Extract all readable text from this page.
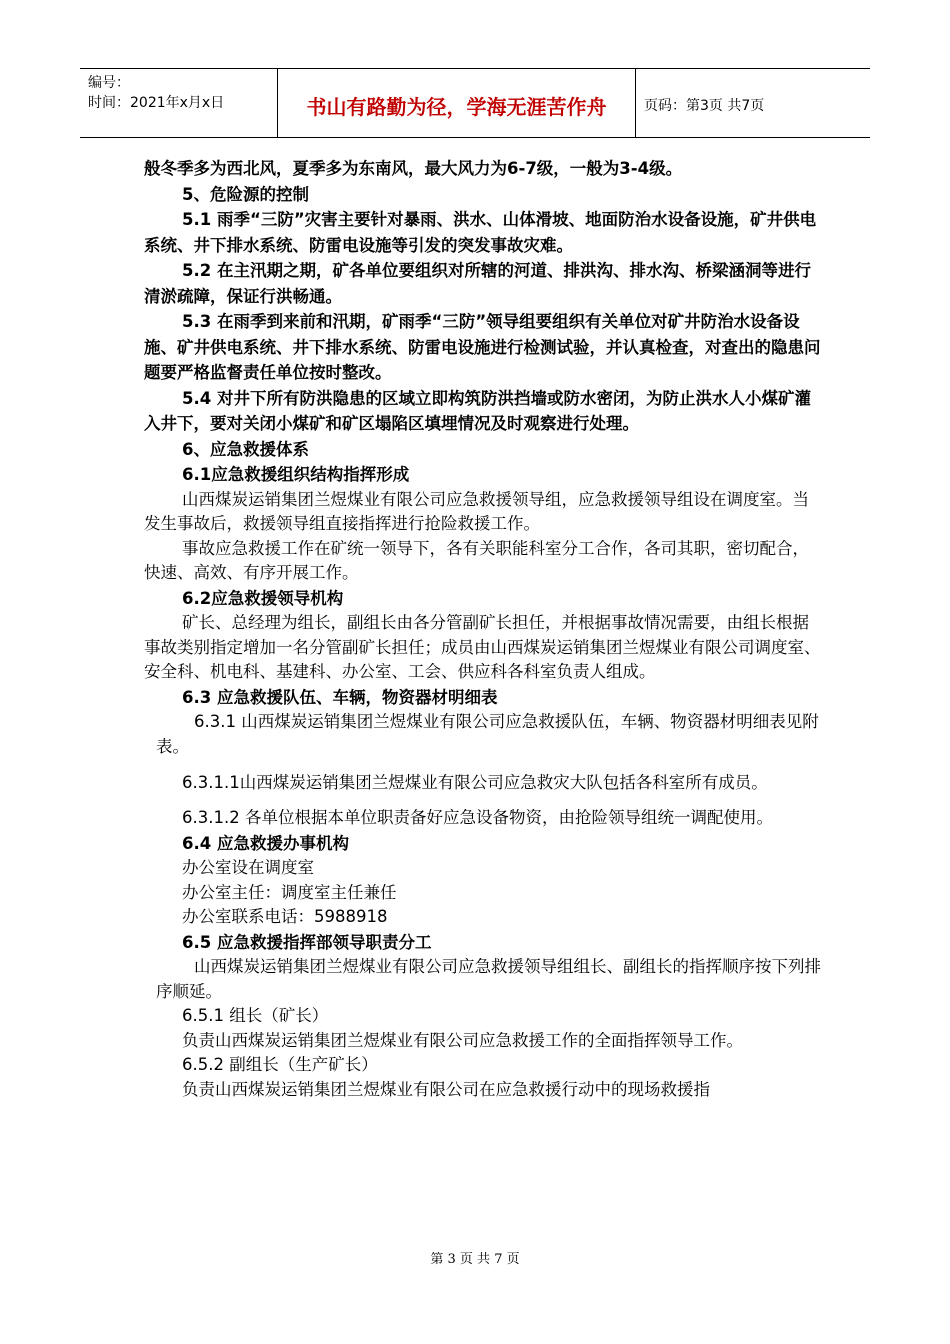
编号：
时间：2021年x月x日	书山有路勤为径，学海无涯苦作舟	页码：第3页 共7页

般冬季多为西北风，夏季多为东南风，最大风力为6-7级，一般为3-4级。

5、危险源的控制

5.1 雨季“三防”灾害主要针对暴雨、洪水、山体滑坡、地面防治水设备设施，矿井供电系统、井下排水系统、防雷电设施等引发的突发事故灾难。

5.2 在主汛期之期，矿各单位要组织对所辖的河道、排洪沟、排水沟、桥梁涵洞等进行清淤疏障，保证行洪畅通。

5.3 在雨季到来前和汛期，矿雨季“三防”领导组要组织有关单位对矿井防治水设备设施、矿井供电系统、井下排水系统、防雷电设施进行检测试验，并认真检查，对查出的隐患问题要严格监督责任单位按时整改。

5.4 对井下所有防洪隐患的区域立即构筑防洪挡墙或防水密闭，为防止洪水人小煤矿灌入井下，要对关闭小煤矿和矿区塌陷区填埋情况及时观察进行处理。

6、应急救援体系

6.1应急救援组织结构指挥形成

山西煤炭运销集团兰煜煤业有限公司应急救援领导组，应急救援领导组设在调度室。当发生事故后，救援领导组直接指挥进行抢险救援工作。

事故应急救援工作在矿统一领导下，各有关职能科室分工合作，各司其职，密切配合，快速、高效、有序开展工作。

6.2应急救援领导机构

矿长、总经理为组长，副组长由各分管副矿长担任，并根据事故情况需要，由组长根据事故类别指定增加一名分管副矿长担任；成员由山西煤炭运销集团兰煜煤业有限公司调度室、安全科、机电科、基建科、办公室、工会、供应科各科室负责人组成。

6.3 应急救援队伍、车辆，物资器材明细表

6.3.1 山西煤炭运销集团兰煜煤业有限公司应急救援队伍，车辆、物资器材明细表见附表。

6.3.1.1山西煤炭运销集团兰煜煤业有限公司应急救灾大队包括各科室所有成员。

6.3.1.2 各单位根据本单位职责备好应急设备物资，由抢险领导组统一调配使用。

6.4 应急救援办事机构

办公室设在调度室

办公室主任：调度室主任兼任

办公室联系电话：5988918

6.5 应急救援指挥部领导职责分工

山西煤炭运销集团兰煜煤业有限公司应急救援领导组组长、副组长的指挥顺序按下列排序顺延。

6.5.1 组长（矿长）

负责山西煤炭运销集团兰煜煤业有限公司应急救援工作的全面指挥领导工作。

6.5.2 副组长（生产矿长）

负责山西煤炭运销集团兰煜煤业有限公司在应急救援行动中的现场救援指

第 3 页 共 7 页
